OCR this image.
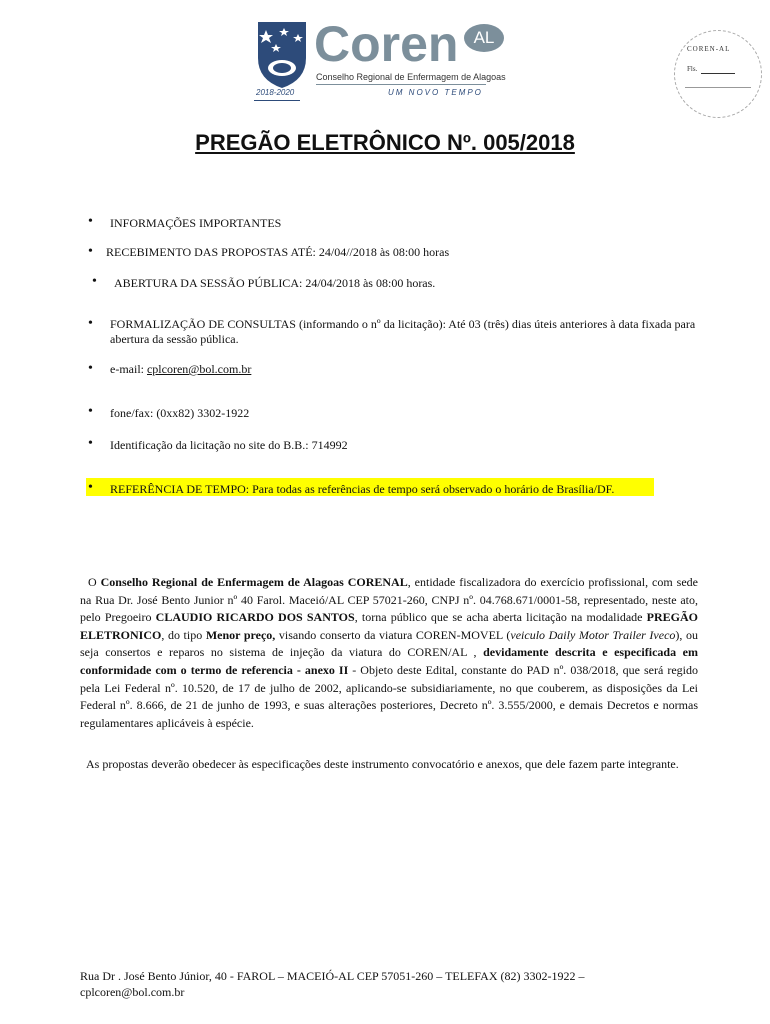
Coren AL
Conselho Regional de Enfermagem de Alagoas
2018-2020	UM NOVO TEMPO
COREN-AL
Fls.
PREGÃO ELETRÔNICO Nº. 005/2018
• INFORMAÇÕES IMPORTANTES
• RECEBIMENTO DAS PROPOSTAS ATÉ: 24/04//2018 às 08:00 horas
• ABERTURA DA SESSÃO PÚBLICA: 24/04/2018 às 08:00 horas.
• FORMALIZAÇÃO DE CONSULTAS (informando o nº da licitação): Até 03 (três) dias úteis anteriores à data fixada para abertura da sessão pública.
• e-mail: cplcoren@bol.com.br
• fone/fax: (0xx82) 3302-1922
• Identificação da licitação no site do B.B.: 714992
• REFERÊNCIA DE TEMPO: Para todas as referências de tempo será observado o horário de Brasília/DF.
O Conselho Regional de Enfermagem de Alagoas CORENAL, entidade fiscalizadora do exercício profissional, com sede na Rua Dr. José Bento Junior nº 40 Farol. Maceió/AL CEP 57021-260, CNPJ nº. 04.768.671/0001-58, representado, neste ato, pelo Pregoeiro CLAUDIO RICARDO DOS SANTOS, torna público que se acha aberta licitação na modalidade PREGÃO ELETRONICO, do tipo Menor preço, visando conserto da viatura COREN-MOVEL (veiculo Daily Motor Trailer Iveco), ou seja consertos e reparos no sistema de injeção da viatura do COREN/AL , devidamente descrita e especificada em conformidade com o termo de referencia - anexo II - Objeto deste Edital, constante do PAD nº. 038/2018, que será regido pela Lei Federal nº. 10.520, de 17 de julho de 2002, aplicando-se subsidiariamente, no que couberem, as disposições da Lei Federal nº. 8.666, de 21 de junho de 1993, e suas alterações posteriores, Decreto nº. 3.555/2000, e demais Decretos e normas regulamentares aplicáveis à espécie.
As propostas deverão obedecer às especificações deste instrumento convocatório e anexos, que dele fazem parte integrante.
Rua Dr . José Bento Júnior, 40 - FAROL – MACEIÓ-AL CEP 57051-260 – TELEFAX (82) 3302-1922 –
cplcoren@bol.com.br
